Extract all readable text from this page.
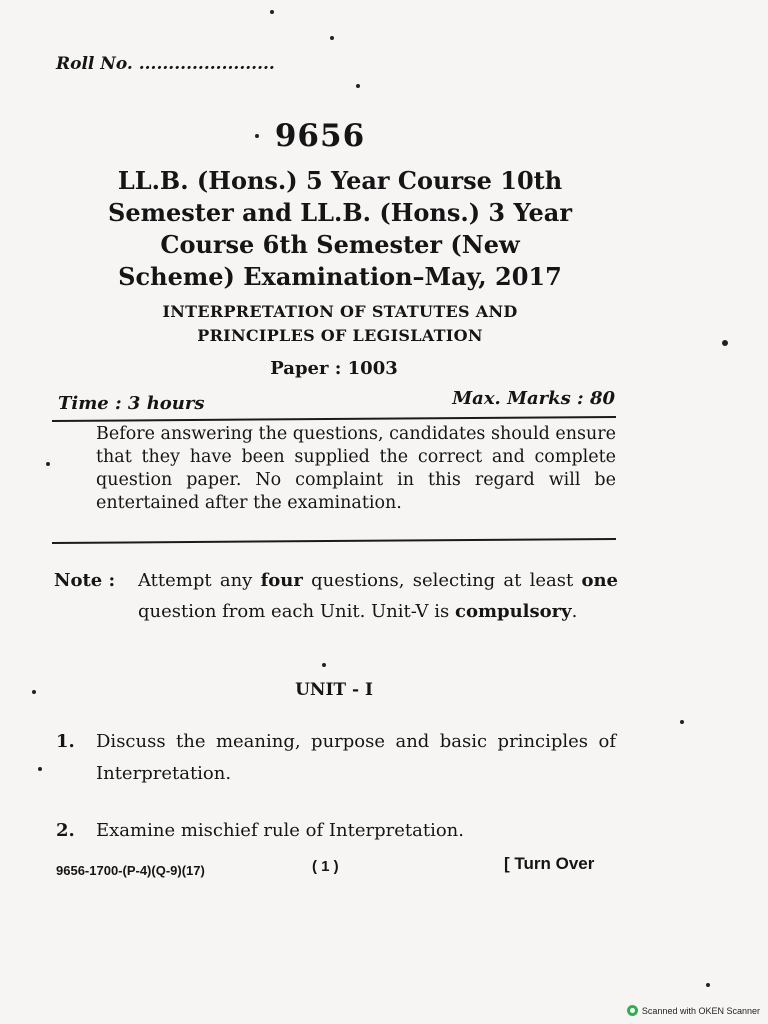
Roll No. .......................
9656
LL.B. (Hons.) 5 Year Course 10th
Semester and LL.B. (Hons.) 3 Year
Course 6th Semester (New
Scheme) Examination–May, 2017
INTERPRETATION OF STATUTES AND
PRINCIPLES OF LEGISLATION
Paper : 1003
Time : 3 hours	Max. Marks : 80
Before answering the questions, candidates should ensure that they have been supplied the correct and complete question paper. No complaint in this regard will be entertained after the examination.
Note : Attempt any four questions, selecting at least one question from each Unit. Unit-V is compulsory.
UNIT - I
1. Discuss the meaning, purpose and basic principles of Interpretation.
2. Examine mischief rule of Interpretation.
9656-1700-(P-4)(Q-9)(17)	( 1 )	[ Turn Over
Scanned with OKEN Scanner
